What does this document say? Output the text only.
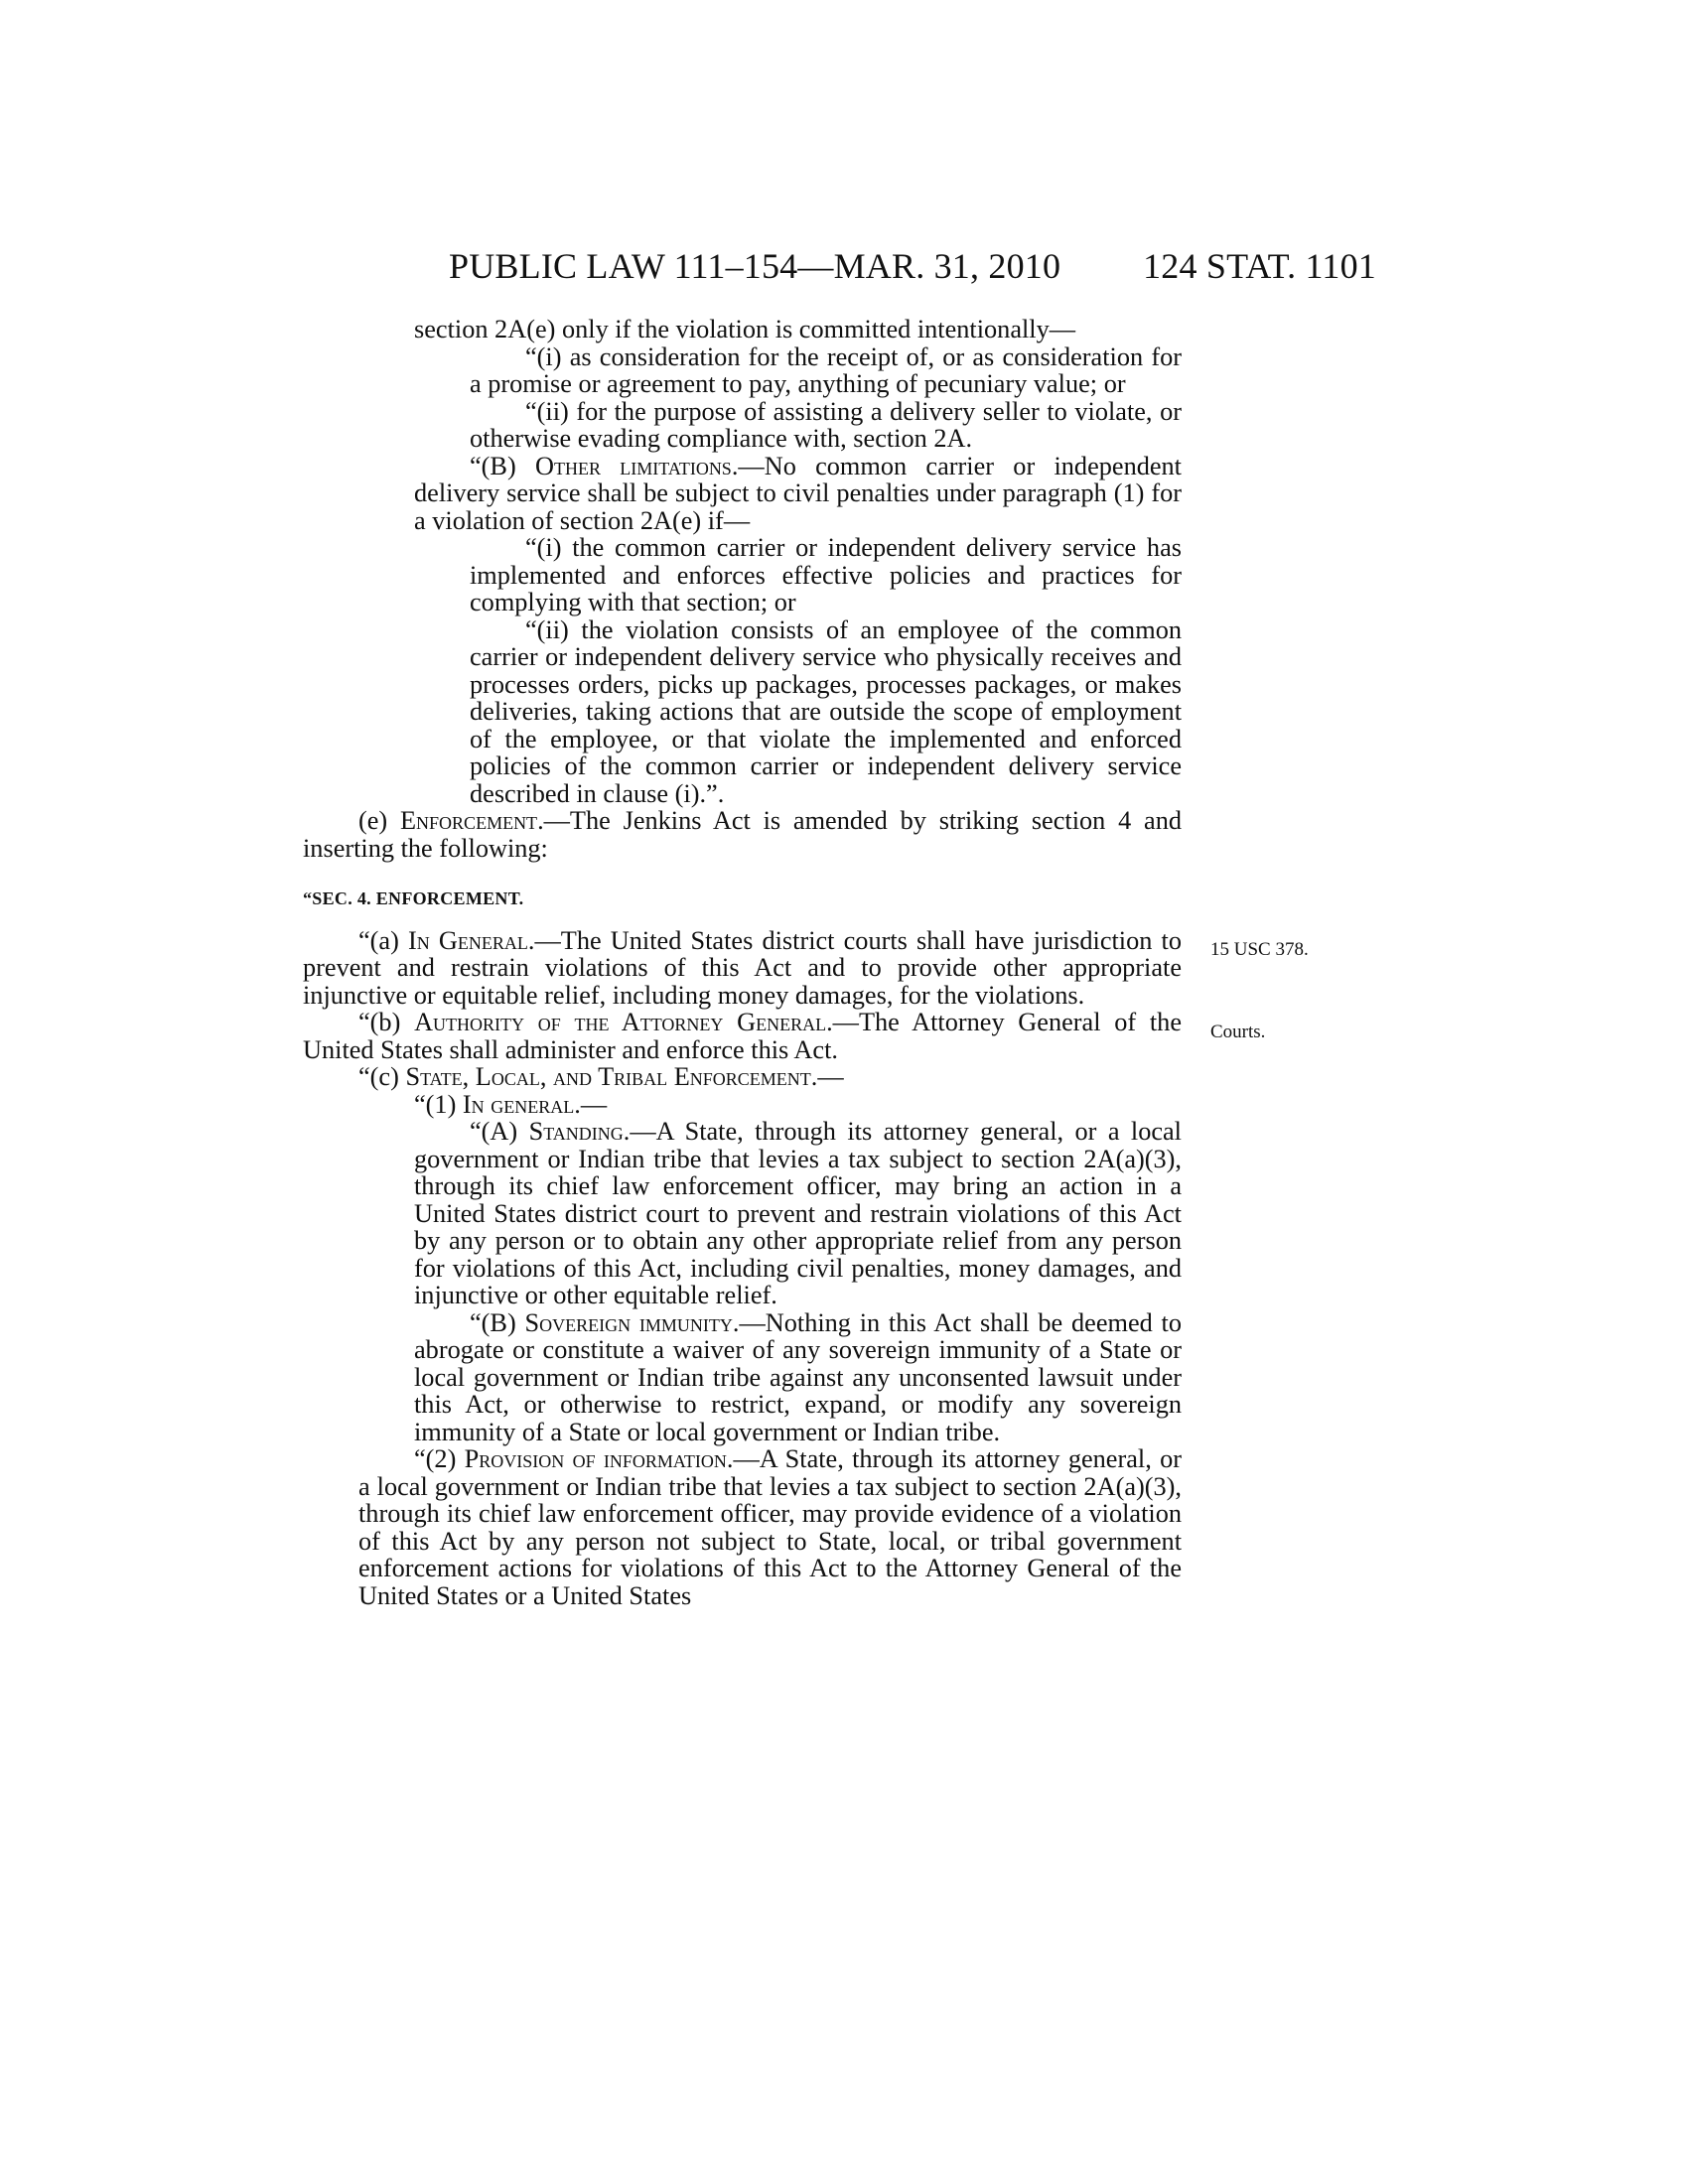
PUBLIC LAW 111–154—MAR. 31, 2010 124 STAT. 1101

section 2A(e) only if the violation is committed intentionally—

“(i) as consideration for the receipt of, or as consideration for a promise or agreement to pay, anything of pecuniary value; or

“(ii) for the purpose of assisting a delivery seller to violate, or otherwise evading compliance with, section 2A.

“(B) Other limitations.—No common carrier or independent delivery service shall be subject to civil penalties under paragraph (1) for a violation of section 2A(e) if—

“(i) the common carrier or independent delivery service has implemented and enforces effective policies and practices for complying with that section; or

“(ii) the violation consists of an employee of the common carrier or independent delivery service who physically receives and processes orders, picks up packages, processes packages, or makes deliveries, taking actions that are outside the scope of employment of the employee, or that violate the implemented and enforced policies of the common carrier or independent delivery service described in clause (i).”.

(e) Enforcement.—The Jenkins Act is amended by striking section 4 and inserting the following:

“SEC. 4. ENFORCEMENT.

“(a) In General.—The United States district courts shall have jurisdiction to prevent and restrain violations of this Act and to provide other appropriate injunctive or equitable relief, including money damages, for the violations.

“(b) Authority of the Attorney General.—The Attorney General of the United States shall administer and enforce this Act.

“(c) State, Local, and Tribal Enforcement.—

“(1) In general.—

“(A) Standing.—A State, through its attorney general, or a local government or Indian tribe that levies a tax subject to section 2A(a)(3), through its chief law enforcement officer, may bring an action in a United States district court to prevent and restrain violations of this Act by any person or to obtain any other appropriate relief from any person for violations of this Act, including civil penalties, money damages, and injunctive or other equitable relief.

“(B) Sovereign immunity.—Nothing in this Act shall be deemed to abrogate or constitute a waiver of any sovereign immunity of a State or local government or Indian tribe against any unconsented lawsuit under this Act, or otherwise to restrict, expand, or modify any sovereign immunity of a State or local government or Indian tribe.

“(2) Provision of information.—A State, through its attorney general, or a local government or Indian tribe that levies a tax subject to section 2A(a)(3), through its chief law enforcement officer, may provide evidence of a violation of this Act by any person not subject to State, local, or tribal government enforcement actions for violations of this Act to the Attorney General of the United States or a United States

15 USC 378.
Courts.
